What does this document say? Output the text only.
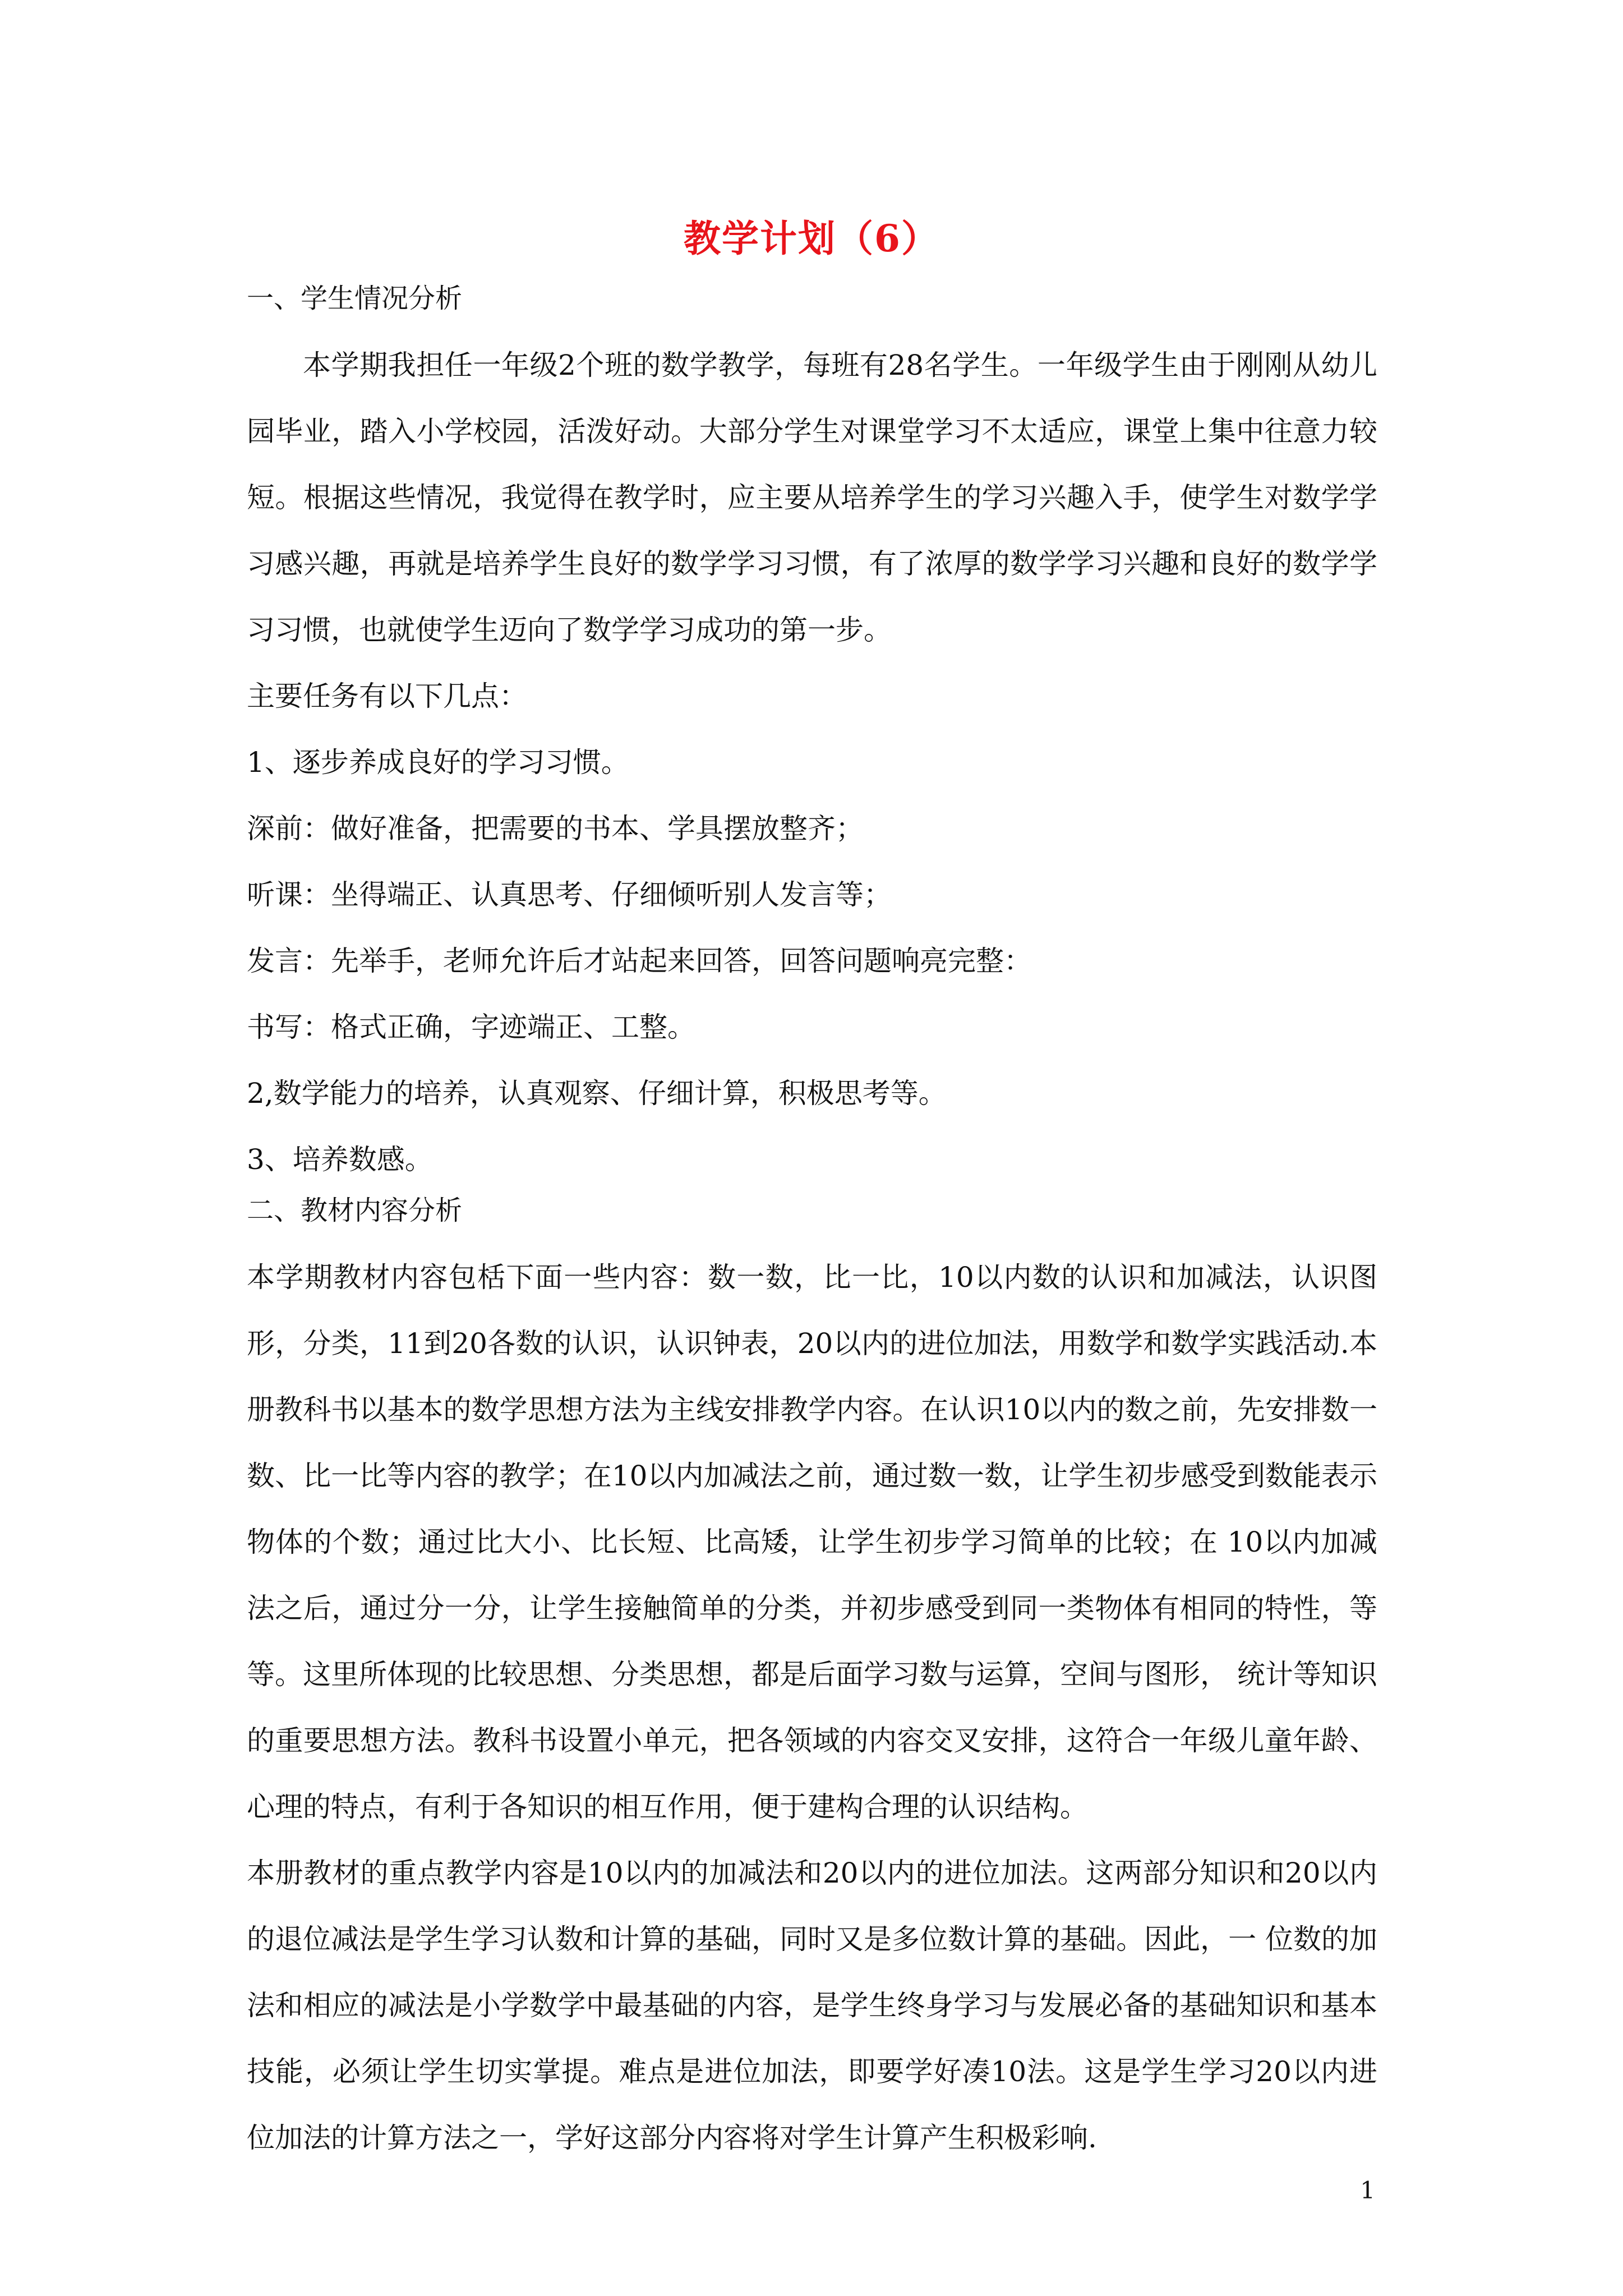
教学计划（6）

一、学生情况分析

本学期我担任一年级2个班的数学教学，每班有28名学生。一年级学生由于刚刚从幼儿园毕业，踏入小学校园，活泼好动。大部分学生对课堂学习不太适应，课堂上集中往意力较短。根据这些情况，我觉得在教学时，应主要从培养学生的学习兴趣入手，使学生对数学学习感兴趣，再就是培养学生良好的数学学习习惯，有了浓厚的数学学习兴趣和良好的数学学习习惯，也就使学生迈向了数学学习成功的第一步。

主要任务有以下几点：

1、逐步养成良好的学习习惯。

深前：做好准备，把需要的书本、学具摆放整齐；

听课：坐得端正、认真思考、仔细倾听别人发言等；

发言：先举手，老师允许后才站起来回答，回答问题响亮完整：

书写：格式正确，字迹端正、工整。

2,数学能力的培养，认真观察、仔细计算，积极思考等。

3、培养数感。

二、教材内容分析

本学期教材内容包栝下面一些内容：数一数，比一比，10以内数的认识和加减法，认识图形，分类，11到20各数的认识，认识钟表，20以内的进位加法，用数学和数学实践活动.本册教科书以基本的数学思想方法为主线安排教学内容。在认识10以内的数之前，先安排数一数、比一比等内容的教学；在10以内加减法之前，通过数一数，让学生初步感受到数能表示物体的个数；通过比大小、比长短、比高矮，让学生初步学习简单的比较；在 10以内加减法之后，通过分一分，让学生接触简单的分类，并初步感受到同一类物体有相同的特性，等等。这里所体现的比较思想、分类思想，都是后面学习数与运算，空间与图形， 统计等知识的重要思想方法。教科书设置小单元，把各领域的内容交叉安排，这符合一年级儿童年龄、心理的特点，有利于各知识的相互作用，便于建构合理的认识结构。

本册教材的重点教学内容是10以内的加减法和20以内的进位加法。这两部分知识和20以内的退位减法是学生学习认数和计算的基础，同时又是多位数计算的基础。因此，一 位数的加法和相应的减法是小学数学中最基础的内容，是学生终身学习与发展必备的基础知识和基本技能，必须让学生切实掌提。难点是进位加法，即要学好凑10法。这是学生学习20以内进位加法的计算方法之一，学好这部分内容将对学生计算产生积极彩响.

1
